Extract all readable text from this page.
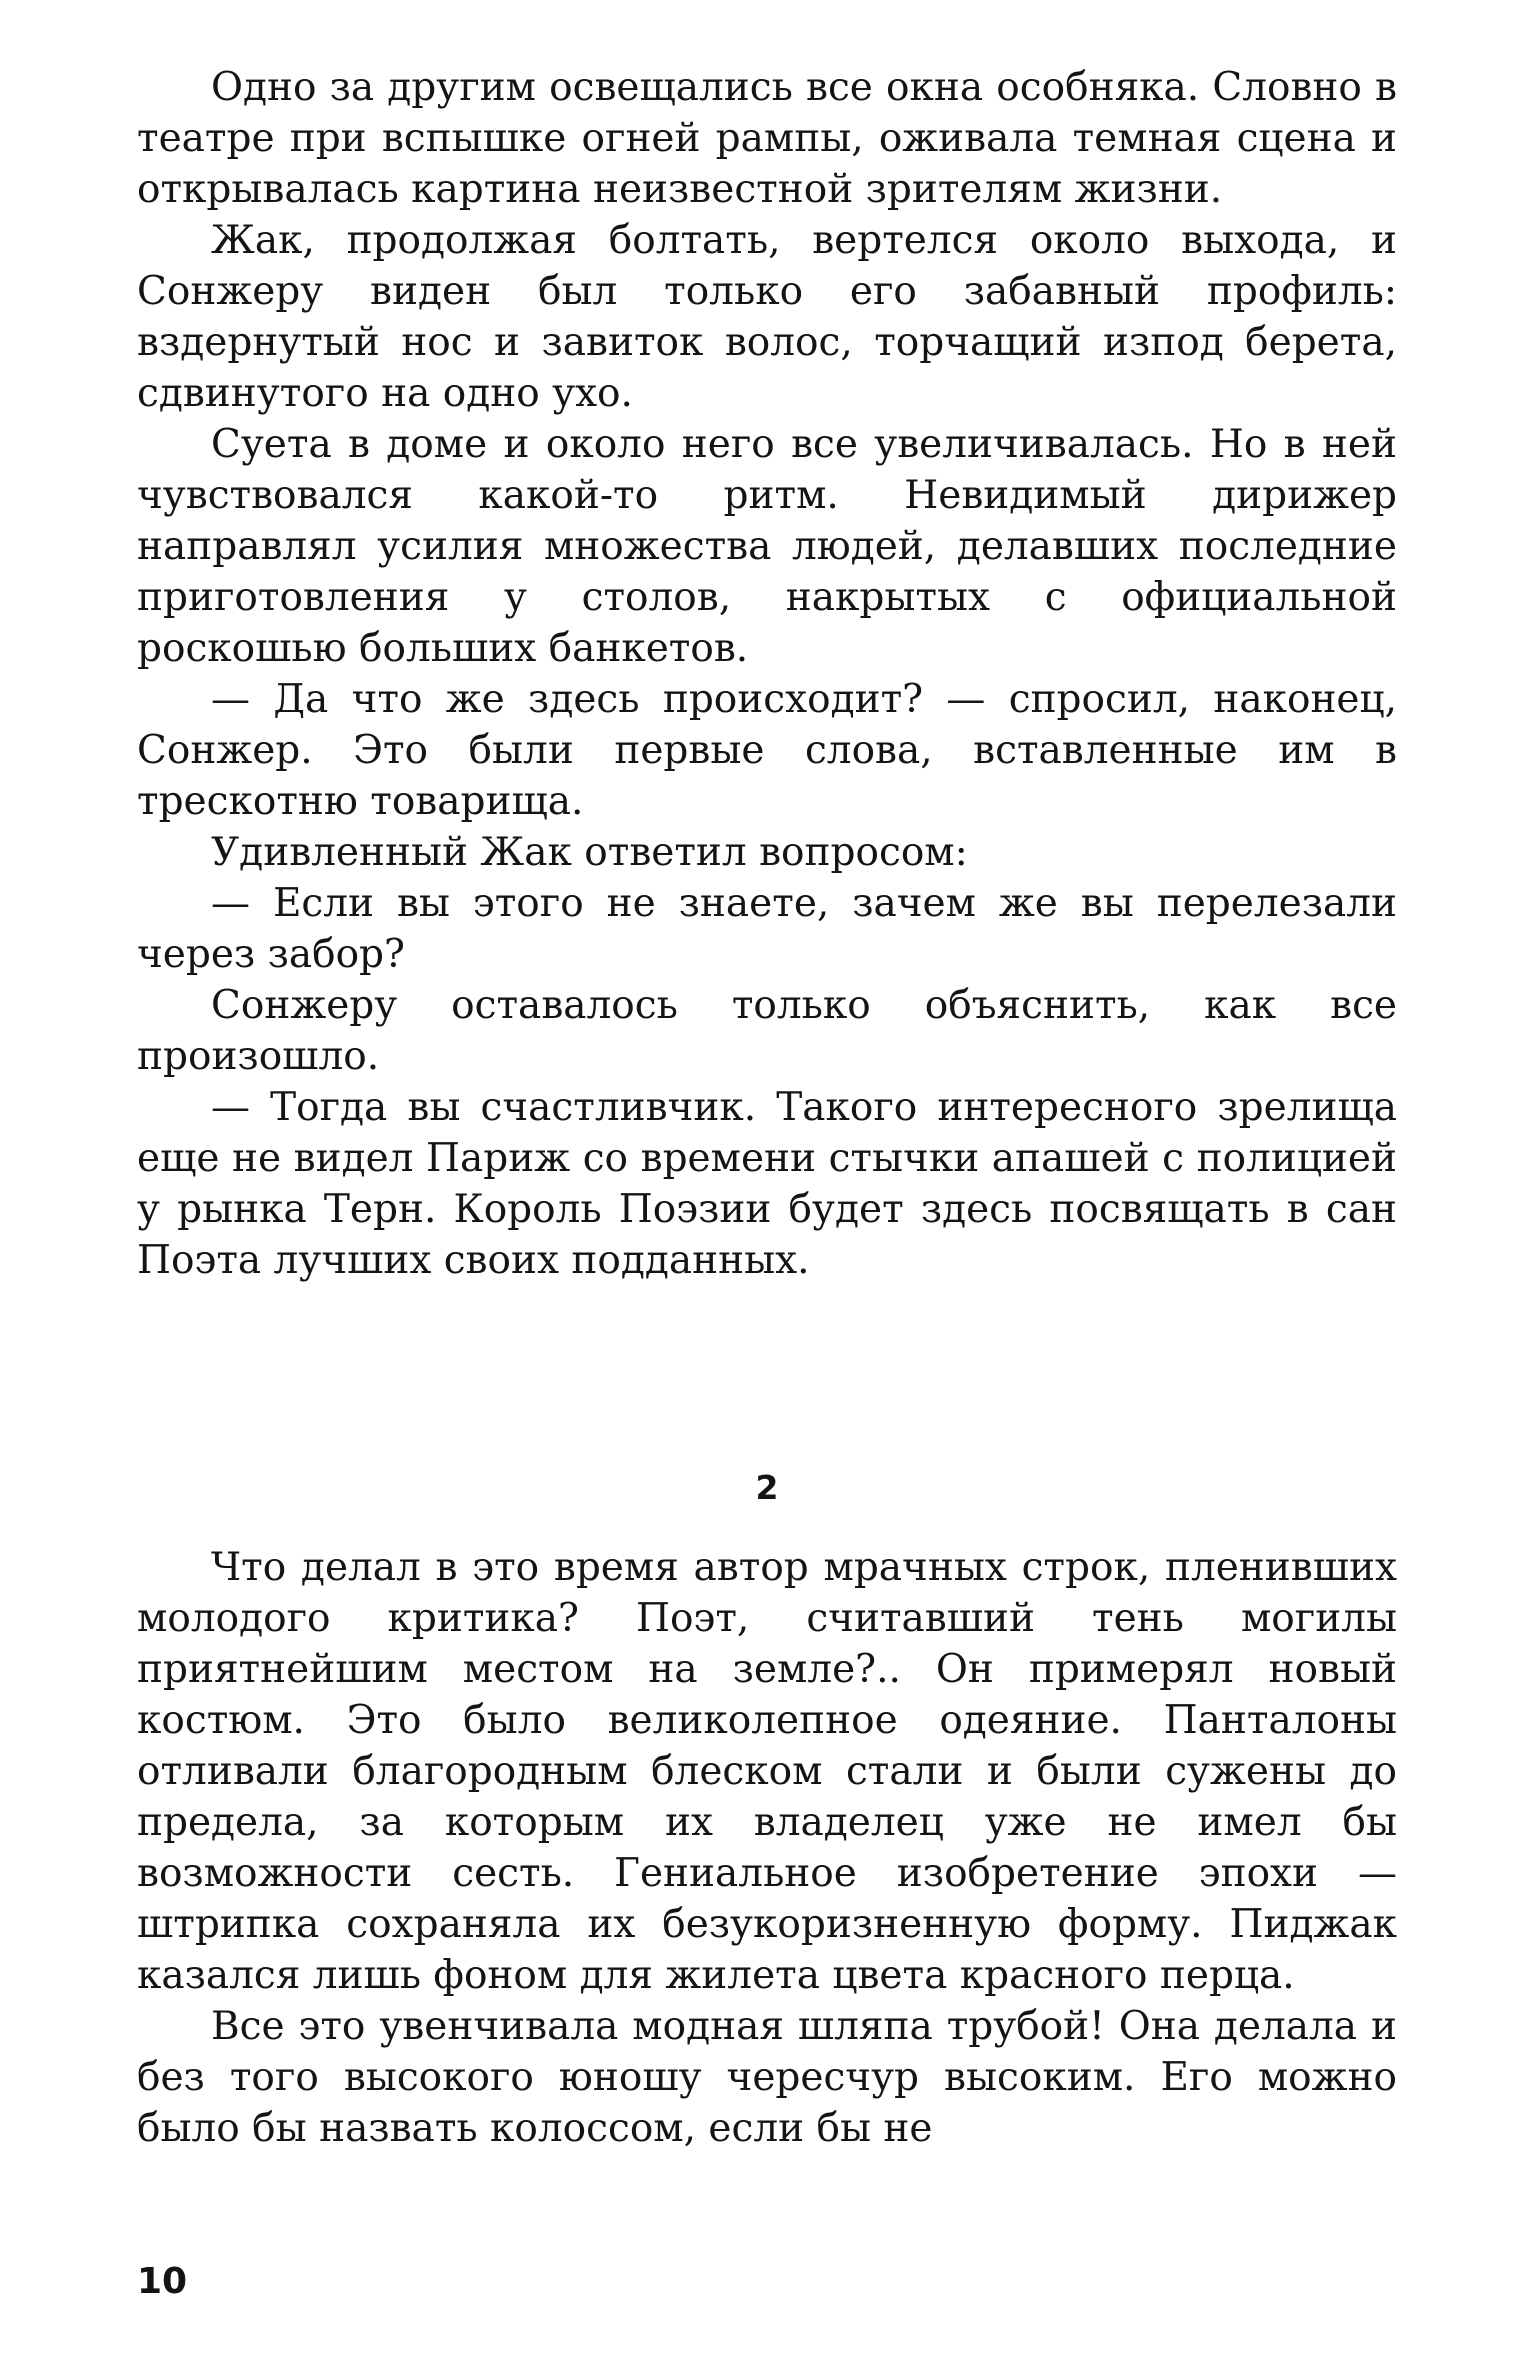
Одно за другим освещались все окна особняка. Словно в театре при вспышке огней рампы, оживала темная сцена и открывалась картина неизвестной зрителям жизни.

Жак, продолжая болтать, вертелся около выхода, и Сонжеру виден был только его забавный профиль: вздернутый нос и завиток волос, торчащий изпод берета, сдвинутого на одно ухо.

Суета в доме и около него все увеличивалась. Но в ней чувствовался какой-то ритм. Невидимый дирижер направлял усилия множества людей, делавших последние приготовления у столов, накрытых с официальной роскошью больших банкетов.

— Да что же здесь происходит? — спросил, наконец, Сонжер. Это были первые слова, вставленные им в трескотню товарища.

Удивленный Жак ответил вопросом:

— Если вы этого не знаете, зачем же вы перелезали через забор?

Сонжеру оставалось только объяснить, как все произошло.

— Тогда вы счастливчик. Такого интересного зрелища еще не видел Париж со времени стычки апашей с полицией у рынка Терн. Король Поэзии будет здесь посвящать в сан Поэта лучших своих подданных.

2

Что делал в это время автор мрачных строк, пленивших молодого критика? Поэт, считавший тень могилы приятнейшим местом на земле?.. Он примерял новый костюм. Это было великолепное одеяние. Панталоны отливали благородным блеском стали и были сужены до предела, за которым их владелец уже не имел бы возможности сесть. Гениальное изобретение эпохи — штрипка сохраняла их безукоризненную форму. Пиджак казался лишь фоном для жилета цвета красного перца.

Все это увенчивала модная шляпа трубой! Она делала и без того высокого юношу чересчур высоким. Его можно было бы назвать колоссом, если бы не

10
